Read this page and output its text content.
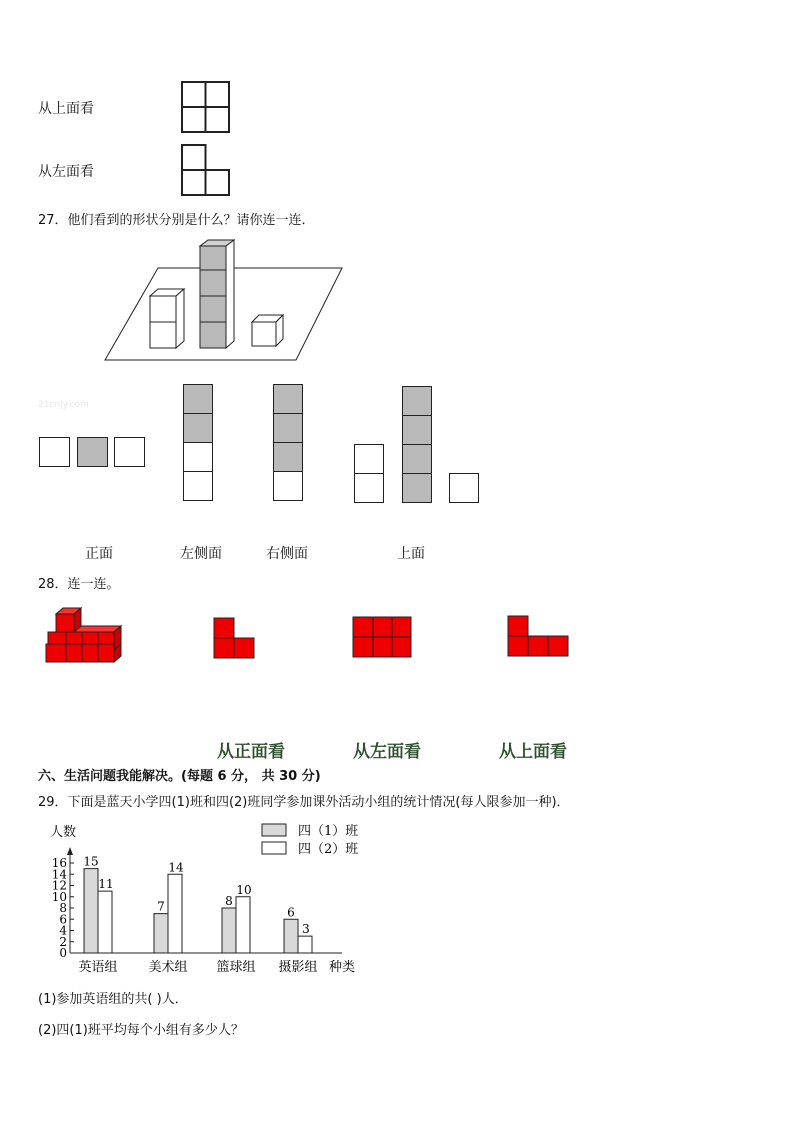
从上面看
从左面看
27．他们看到的形状分别是什么？请你连一连．
21cnjy.com
正面	左侧面	右侧面	上面
28．连一连。
从正面看	从左面看	从上面看
六、生活问题我能解决。(每题 6 分， 共 30 分)
29．下面是蓝天小学四(1)班和四(2)班同学参加课外活动小组的统计情况(每人限参加一种)．
人数
种类
0
2
4
6
8
10
12
14
16 15
11
英语组
7
14
美术组
8
10
篮球组
6
3
摄影组
四（1）班
四（2）班
(1)参加英语组的共( )人．
(2)四(1)班平均每个小组有多少人？
